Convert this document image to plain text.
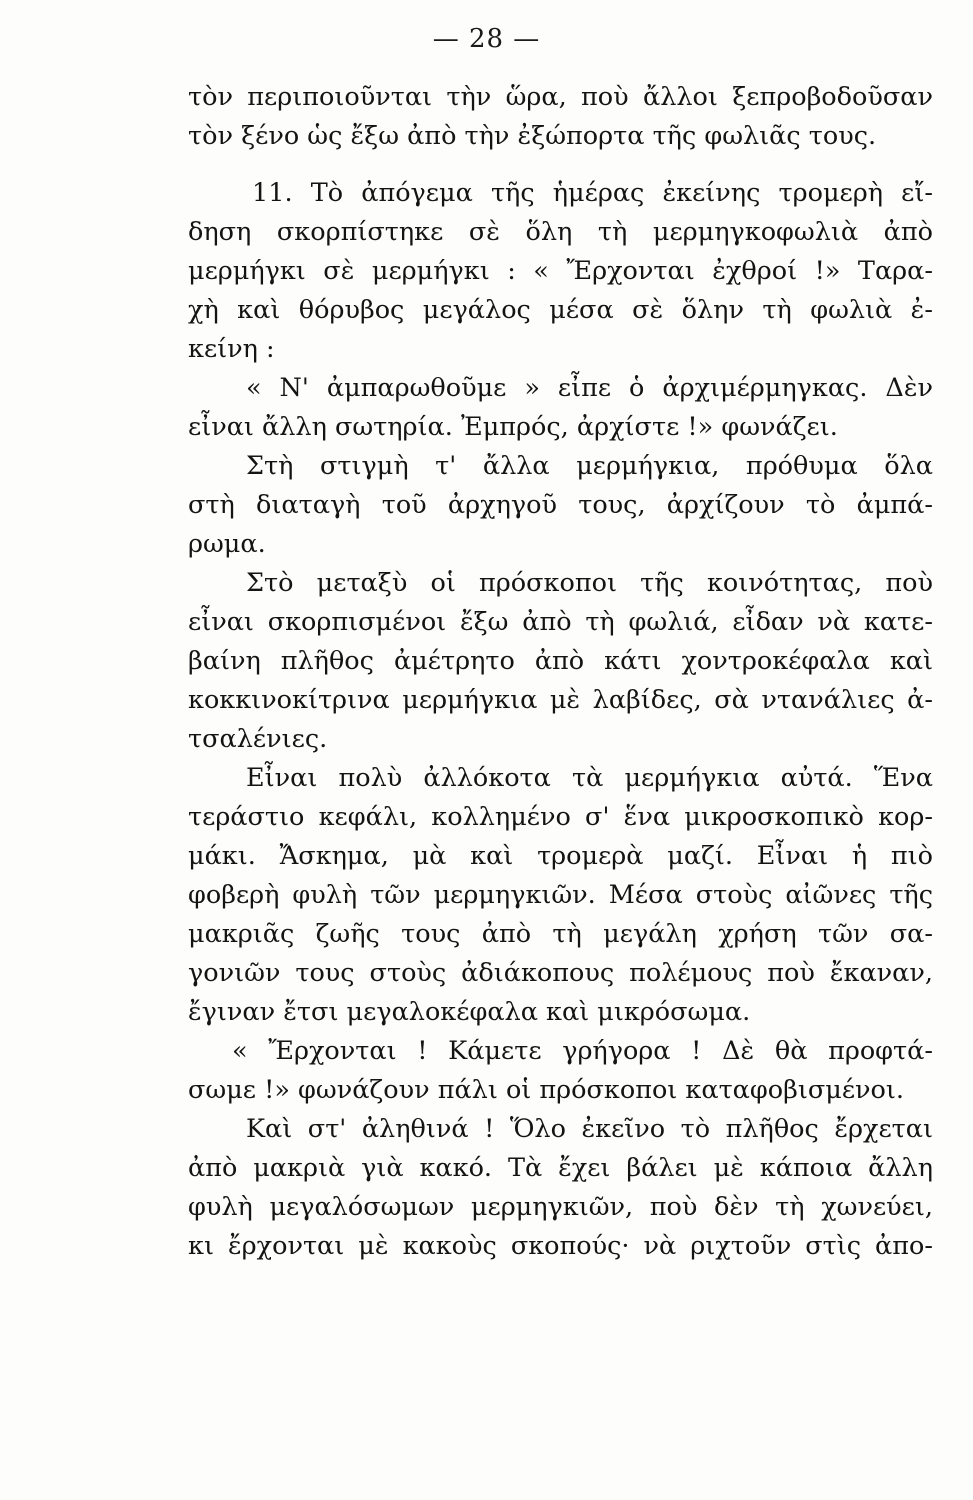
— 28 —
τὸν περιποιοῦνται τὴν ὥρα, ποὺ ἄλλοι ξεπροβοδοῦσαν
τὸν ξένο ὡς ἔξω ἀπὸ τὴν ἐξώπορτα τῆς φωλιᾶς τους.
11. Τὸ ἀπόγεμα τῆς ἡμέρας ἐκείνης τρομερὴ εἴ-
δηση σκορπίστηκε σὲ ὅλη τὴ μερμηγκοφωλιὰ ἀπὸ
μερμήγκι σὲ μερμήγκι : « Ἔρχονται ἐχθροί !» Ταρα-
χὴ καὶ θόρυβος μεγάλος μέσα σὲ ὅλην τὴ φωλιὰ ἐ-
κείνη :
« Ν' ἀμπαρωθοῦμε » εἶπε ὁ ἀρχιμέρμηγκας. Δὲν
εἶναι ἄλλη σωτηρία. Ἐμπρός, ἀρχίστε !» φωνάζει.
Στὴ στιγμὴ τ' ἄλλα μερμήγκια, πρόθυμα ὅλα
στὴ διαταγὴ τοῦ ἀρχηγοῦ τους, ἀρχίζουν τὸ ἀμπά-
ρωμα.
Στὸ μεταξὺ οἱ πρόσκοποι τῆς κοινότητας, ποὺ
εἶναι σκορπισμένοι ἔξω ἀπὸ τὴ φωλιά, εἶδαν νὰ κατε-
βαίνη πλῆθος ἀμέτρητο ἀπὸ κάτι χοντροκέφαλα καὶ
κοκκινοκίτρινα μερμήγκια μὲ λαβίδες, σὰ ντανάλιες ἀ-
τσαλένιες.
Εἶναι πολὺ ἀλλόκοτα τὰ μερμήγκια αὐτά. Ἕνα
τεράστιο κεφάλι, κολλημένο σ' ἕνα μικροσκοπικὸ κορ-
μάκι. Ἄσκημα, μὰ καὶ τρομερὰ μαζί. Εἶναι ἡ πιὸ
φοβερὴ φυλὴ τῶν μερμηγκιῶν. Μέσα στοὺς αἰῶνες τῆς
μακριᾶς ζωῆς τους ἀπὸ τὴ μεγάλη χρήση τῶν σα-
γονιῶν τους στοὺς ἀδιάκοπους πολέμους ποὺ ἔκαναν,
ἔγιναν ἔτσι μεγαλοκέφαλα καὶ μικρόσωμα.
« Ἔρχονται ! Κάμετε γρήγορα ! Δὲ θὰ προφτά-
σωμε !» φωνάζουν πάλι οἱ πρόσκοποι καταφοβισμένοι.
Καὶ στ' ἀληθινά ! Ὅλο ἐκεῖνο τὸ πλῆθος ἔρχεται
ἀπὸ μακριὰ γιὰ κακό. Τὰ ἔχει βάλει μὲ κάποια ἄλλη
φυλὴ μεγαλόσωμων μερμηγκιῶν, ποὺ δὲν τὴ χωνεύει,
κι ἔρχονται μὲ κακοὺς σκοπούς· νὰ ριχτοῦν στὶς ἀπο-
